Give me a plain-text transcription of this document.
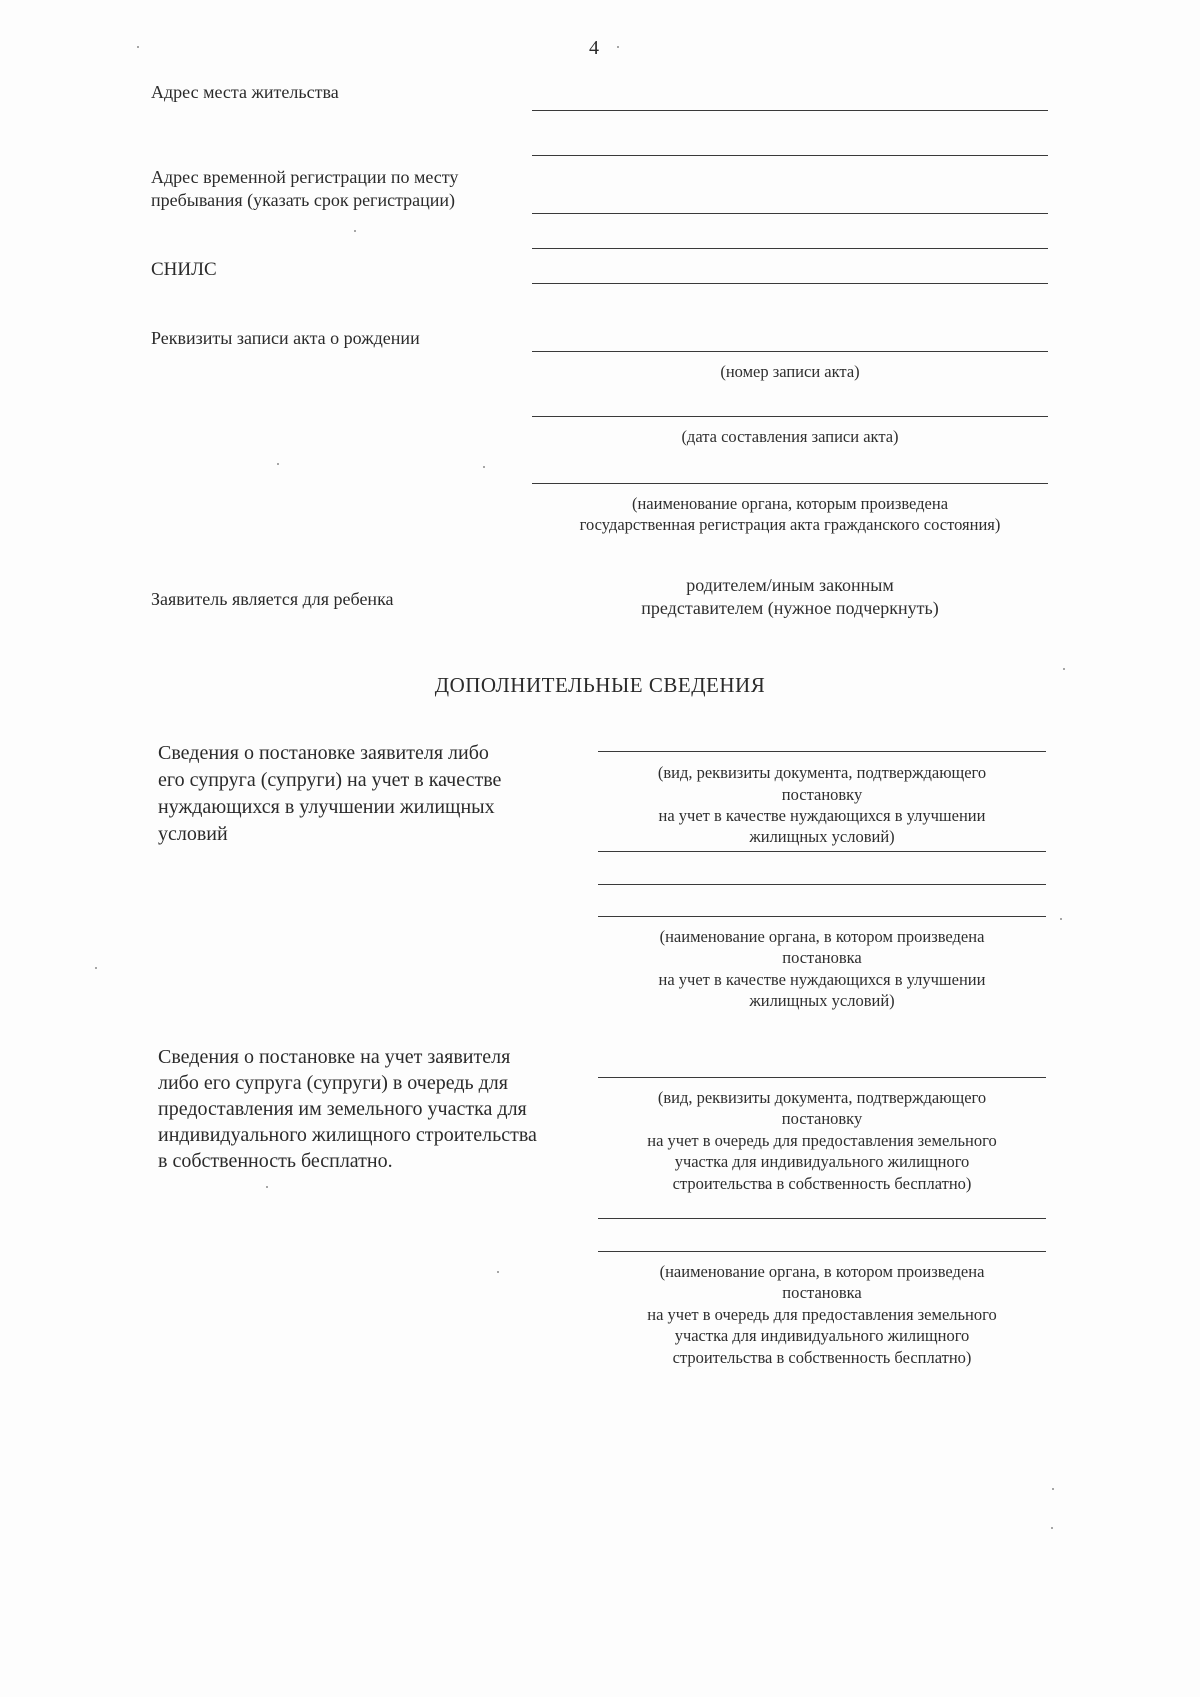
4
Адрес места жительства
Адрес временной регистрации по месту
пребывания (указать срок регистрации)
СНИЛС
Реквизиты записи акта о рождении
(номер записи акта)
(дата составления записи акта)
(наименование органа, которым произведена
государственная регистрация акта гражданского состояния)
Заявитель является для ребенка
родителем/иным законным
представителем (нужное подчеркнуть)
ДОПОЛНИТЕЛЬНЫЕ СВЕДЕНИЯ
Сведения о постановке заявителя либо
его супруга (супруги) на учет в качестве
нуждающихся в улучшении жилищных
условий
(вид, реквизиты документа, подтверждающего
постановку
на учет в качестве нуждающихся в улучшении
жилищных условий)
(наименование органа, в котором произведена
постановка
на учет в качестве нуждающихся в улучшении
жилищных условий)
Сведения о постановке на учет заявителя
либо его супруга (супруги) в очередь для
предоставления им земельного участка для
индивидуального жилищного строительства
в собственность бесплатно.
(вид, реквизиты документа, подтверждающего
постановку
на учет в очередь для предоставления земельного
участка для индивидуального жилищного
строительства в собственность бесплатно)
(наименование органа, в котором произведена
постановка
на учет в очередь для предоставления земельного
участка для индивидуального жилищного
строительства в собственность бесплатно)
